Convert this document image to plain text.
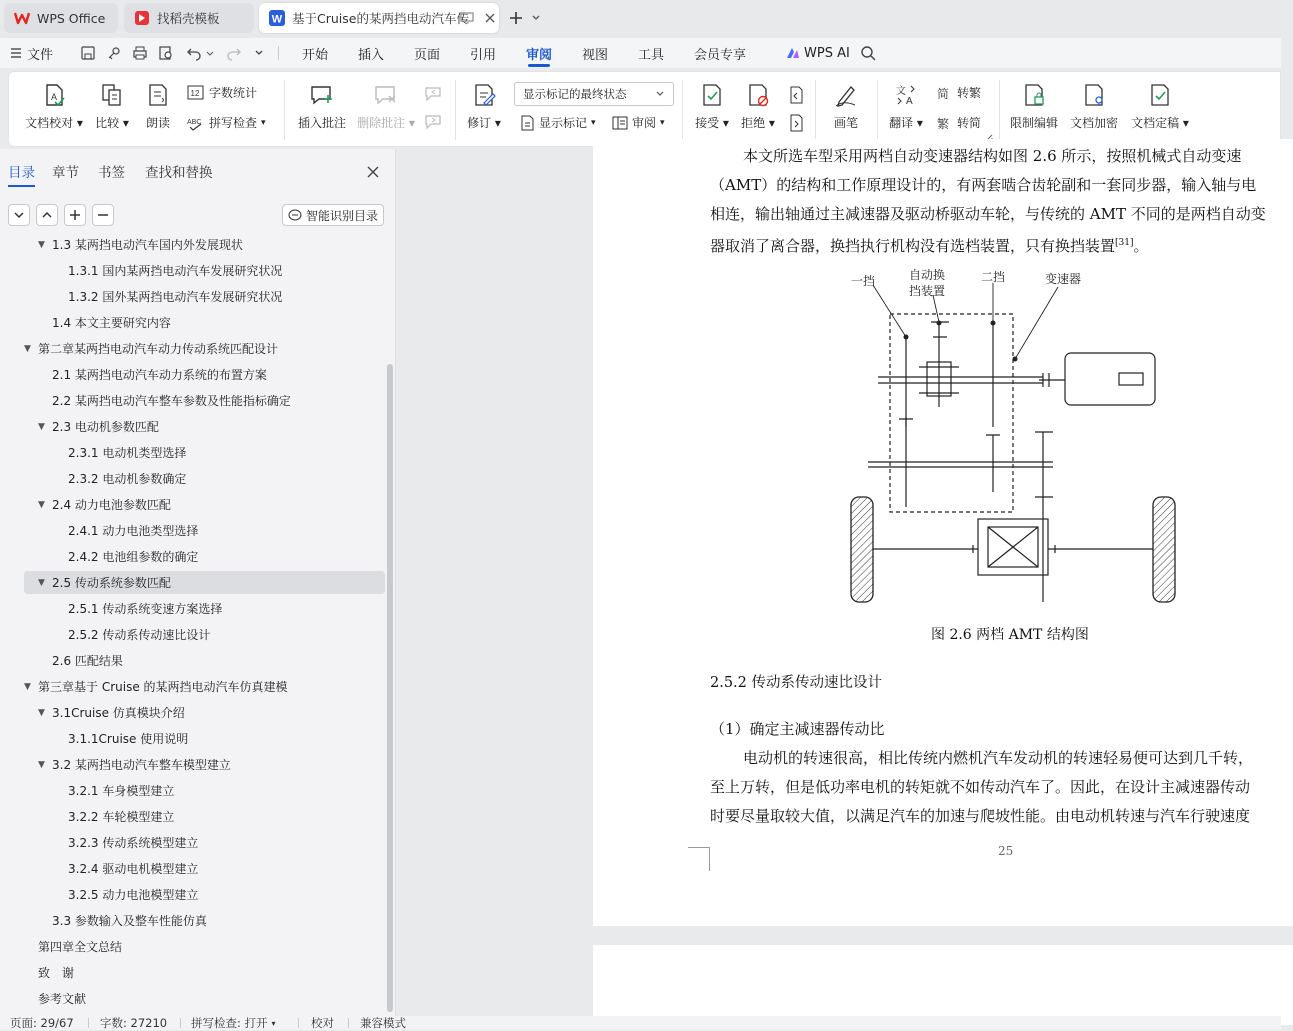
WPS Office	找稻壳模板	W 基于Cruise的某两挡电动汽车传
文件	开始 插入 页面 引用 审阅 视图 工具 会员专享	WPS AI
A
文档校对 ▾ 比较 ▾ 朗读
12 字数统计
ABC 拼写检查 ▾	插入批注 删除批注 ▾	修订 ▾
显示标记的最终状态
显示标记 ▾	审阅 ▾	接受 ▾ 拒绝 ▾	画笔
文
A
翻译 ▾
简 转繁
繁 转简 限制编辑 文档加密 文档定稿 ▾
目录 章节 书签 查找和替换
智能识别目录
▼ 1.3 某两挡电动汽车国内外发展现状
1.3.1 国内某两挡电动汽车发展研究状况
1.3.2 国外某两挡电动汽车发展研究状况
1.4 本文主要研究内容
▼ 第二章某两挡电动汽车动力传动系统匹配设计
2.1 某两挡电动汽车动力系统的布置方案
2.2 某两挡电动汽车整车参数及性能指标确定
▼ 2.3 电动机参数匹配
2.3.1 电动机类型选择
2.3.2 电动机参数确定
▼ 2.4 动力电池参数匹配
2.4.1 动力电池类型选择
2.4.2 电池组参数的确定
▼ 2.5 传动系统参数匹配
2.5.1 传动系统变速方案选择
2.5.2 传动系传动速比设计
2.6 匹配结果
▼ 第三章基于 Cruise 的某两挡电动汽车仿真建模
▼ 3.1Cruise 仿真模块介绍
3.1.1Cruise 使用说明
▼ 3.2 某两挡电动汽车整车模型建立
3.2.1 车身模型建立
3.2.2 车轮模型建立
3.2.3 传动系统模型建立
3.2.4 驱动电机模型建立
3.2.5 动力电池模型建立
3.3 参数输入及整车性能仿真
第四章全文总结
致　谢
参考文献
本文所选车型采用两档自动变速器结构如图 2.6 所示，按照机械式自动变速
（AMT）的结构和工作原理设计的，有两套啮合齿轮副和一套同步器，输入轴与电
相连，输出轴通过主减速器及驱动桥驱动车轮，与传统的 AMT 不同的是两档自动变
器取消了离合器，换挡执行机构没有选档装置，只有换挡装置[31]。
一挡	自动换
挡装置
二挡	变速器
图 2.6 两档 AMT 结构图
2.5.2 传动系传动速比设计
（1）确定主减速器传动比
电动机的转速很高，相比传统内燃机汽车发动机的转速轻易便可达到几千转，
至上万转，但是低功率电机的转矩就不如传动汽车了。因此，在设计主减速器传动
时要尽量取较大值，以满足汽车的加速与爬坡性能。由电动机转速与汽车行驶速度
25
页面: 29/67 字数: 27210 拼写检查: 打开 ▾	校对 兼容模式
